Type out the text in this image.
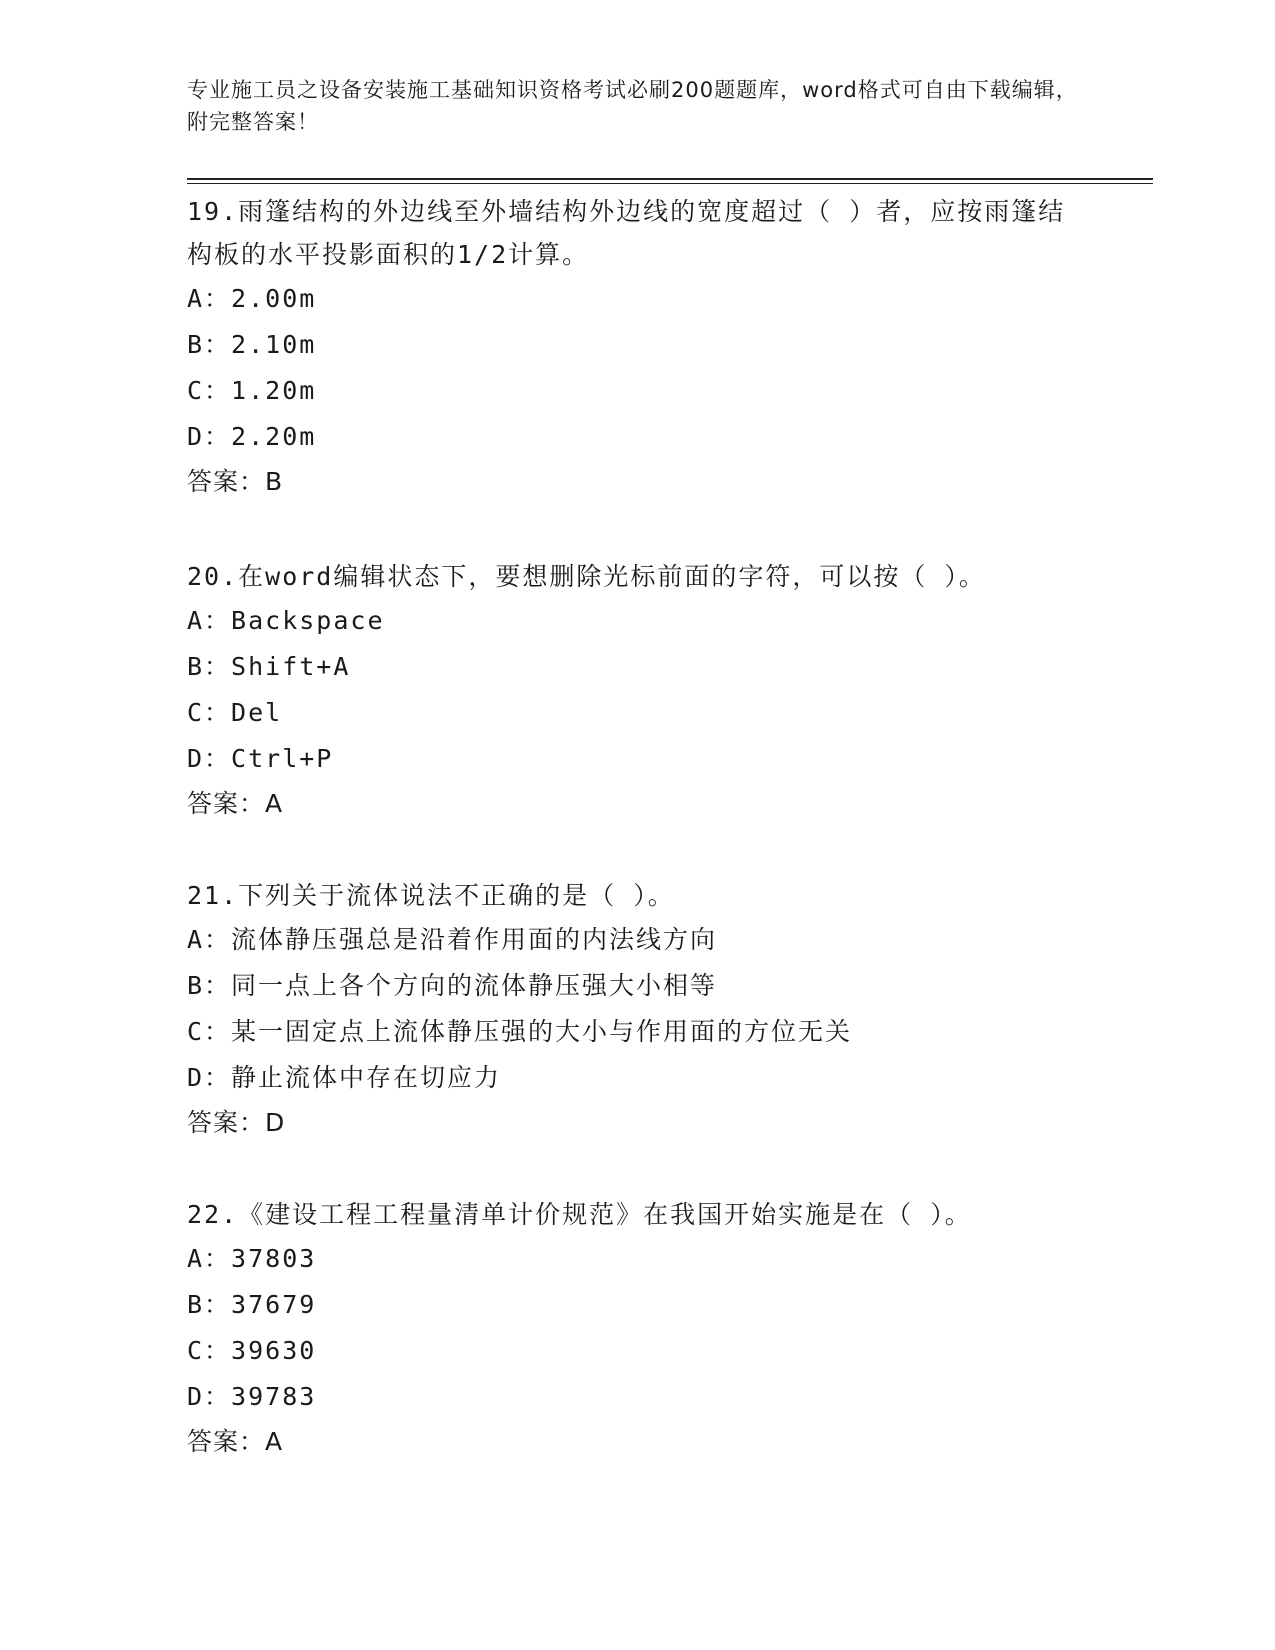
专业施工员之设备安装施工基础知识资格考试必刷200题题库，word格式可自由下载编辑，附完整答案！

19.雨篷结构的外边线至外墙结构外边线的宽度超过（ ）者，应按雨篷结构板的水平投影面积的1/2计算。

A：2.00m

B：2.10m

C：1.20m

D：2.20m

答案：B

20.在word编辑状态下，要想删除光标前面的字符，可以按（ ）。

A：Backspace

B：Shift+A

C：Del

D：Ctrl+P

答案：A

21.下列关于流体说法不正确的是（ ）。

A：流体静压强总是沿着作用面的内法线方向

B：同一点上各个方向的流体静压强大小相等

C：某一固定点上流体静压强的大小与作用面的方位无关

D：静止流体中存在切应力

答案：D

22.《建设工程工程量清单计价规范》在我国开始实施是在（ ）。

A：37803

B：37679

C：39630

D：39783

答案：A
